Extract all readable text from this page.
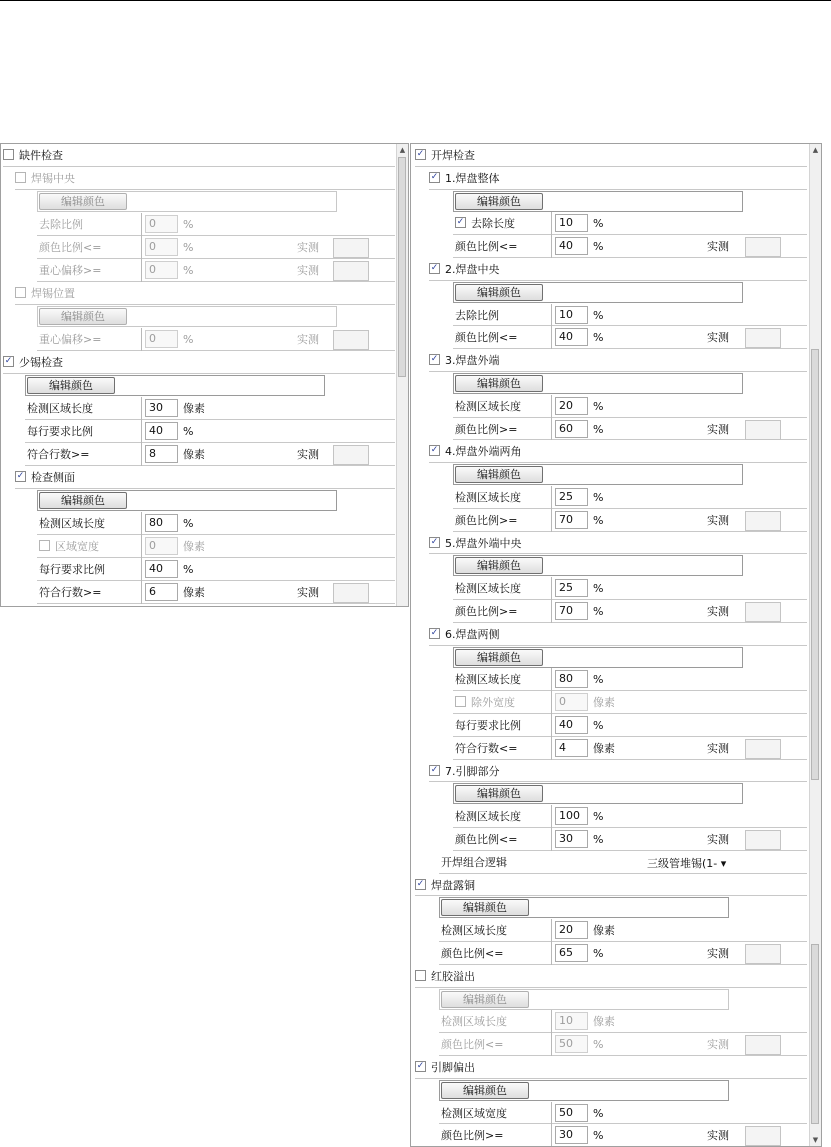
缺件检查
焊锡中央
编辑颜色
去除比例	0	%
颜色比例<=	0	%	实测
重心偏移>=	0	%	实测
焊锡位置
编辑颜色
重心偏移>=	0	%	实测
✓ 少锡检查
编辑颜色
检测区域长度	30	像素
每行要求比例	40	%
符合行数>=	8	像素	实测
✓ 检查侧面
编辑颜色
检测区域长度	80	%
区域宽度	0	像素
每行要求比例	40	%
符合行数>=	6	像素	实测
▲	✓ 开焊检查
✓ 1.焊盘整体
编辑颜色
✓ 去除长度	10	%
颜色比例<=	40	%	实测
✓ 2.焊盘中央
编辑颜色
去除比例	10	%
颜色比例<=	40	%	实测
✓ 3.焊盘外端
编辑颜色
检测区域长度	20	%
颜色比例>=	60	%	实测
✓ 4.焊盘外端两角
编辑颜色
检测区域长度	25	%
颜色比例>=	70	%	实测
✓ 5.焊盘外端中央
编辑颜色
检测区域长度	25	%
颜色比例>=	70	%	实测
✓ 6.焊盘两侧
编辑颜色
检测区域长度	80	%
除外宽度	0	像素
每行要求比例	40	%
符合行数<=	4	像素	实测
✓ 7.引脚部分
编辑颜色
检测区域长度	100	%
颜色比例<=	30	%	实测
开焊组合逻辑	三级管堆锡(1- ▾
✓ 焊盘露铜
编辑颜色
检测区域长度	20	像素
颜色比例<=	65	%	实测
红胶溢出
编辑颜色
检测区域长度	10	像素
颜色比例<=	50	%	实测
✓ 引脚偏出
编辑颜色
检测区域宽度	50	%
颜色比例>=	30	%	实测
▲
▼
